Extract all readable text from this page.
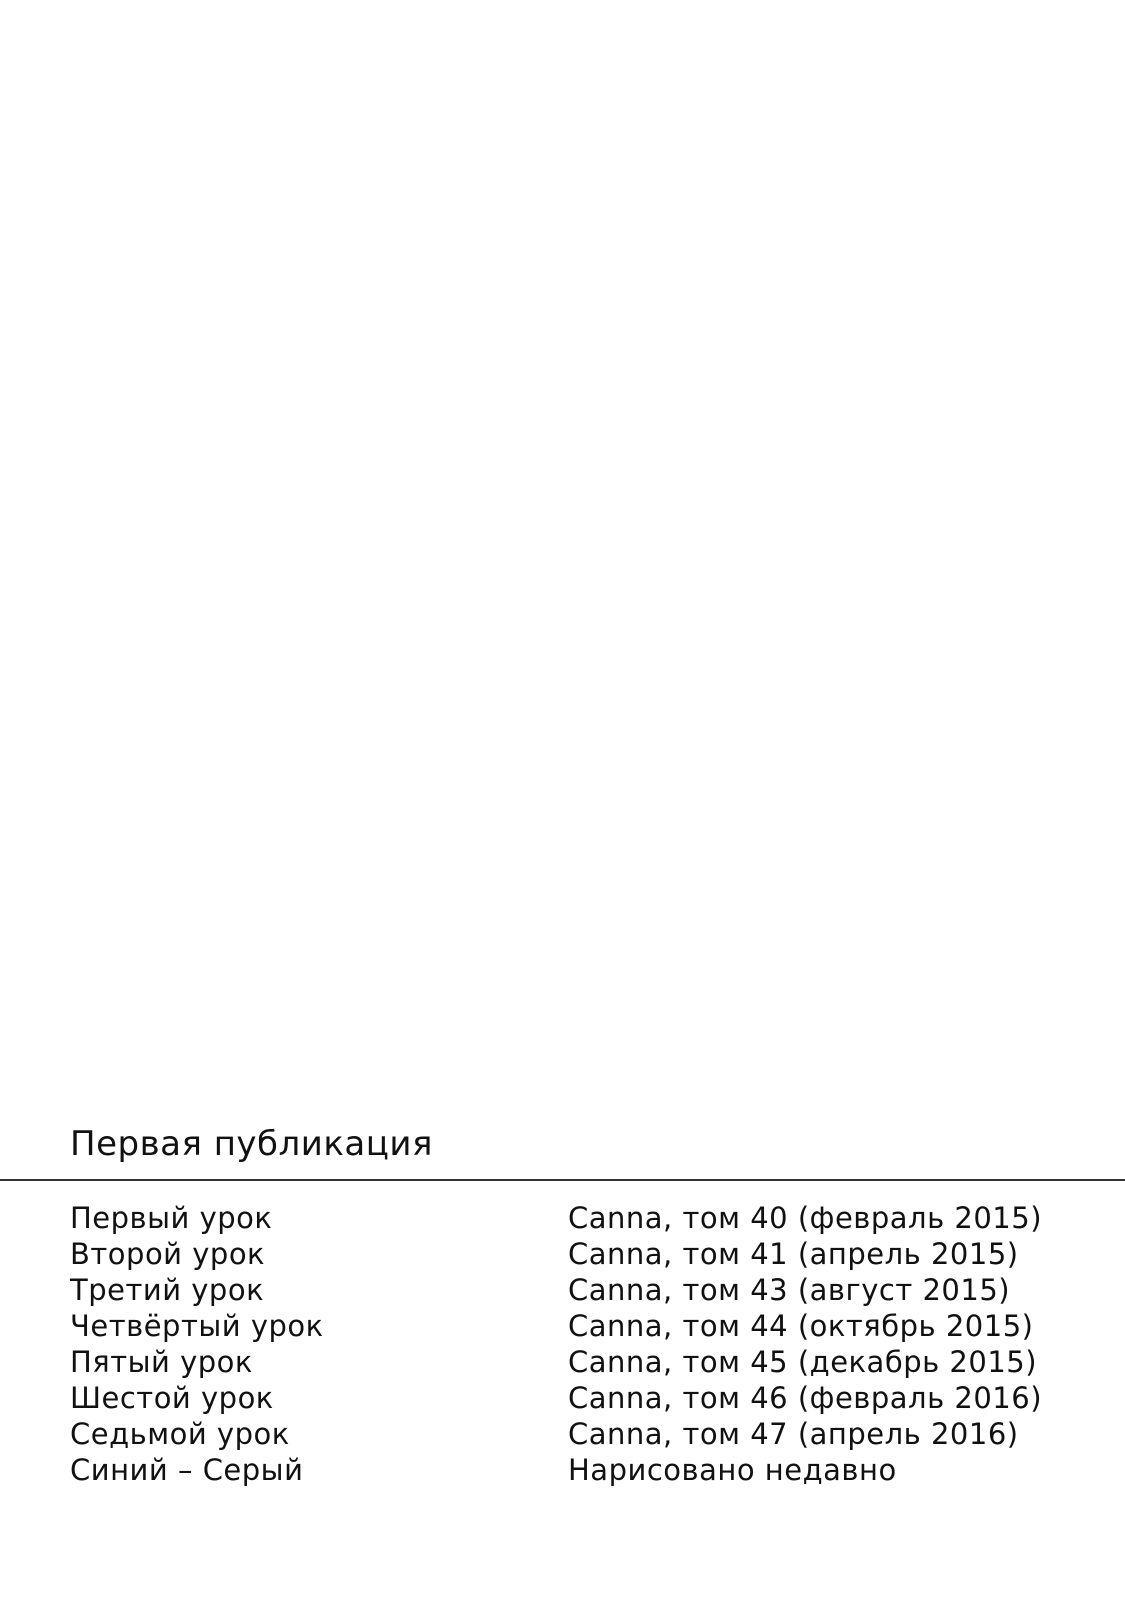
Первая публикация
Первый урок	Canna, том 40 (февраль 2015)
Второй урок	Canna, том 41 (апрель 2015)
Третий урок	Canna, том 43 (август 2015)
Четвёртый урок	Canna, том 44 (октябрь 2015)
Пятый урок	Canna, том 45 (декабрь 2015)
Шестой урок	Canna, том 46 (февраль 2016)
Седьмой урок	Canna, том 47 (апрель 2016)
Синий – Серый	Нарисовано недавно
